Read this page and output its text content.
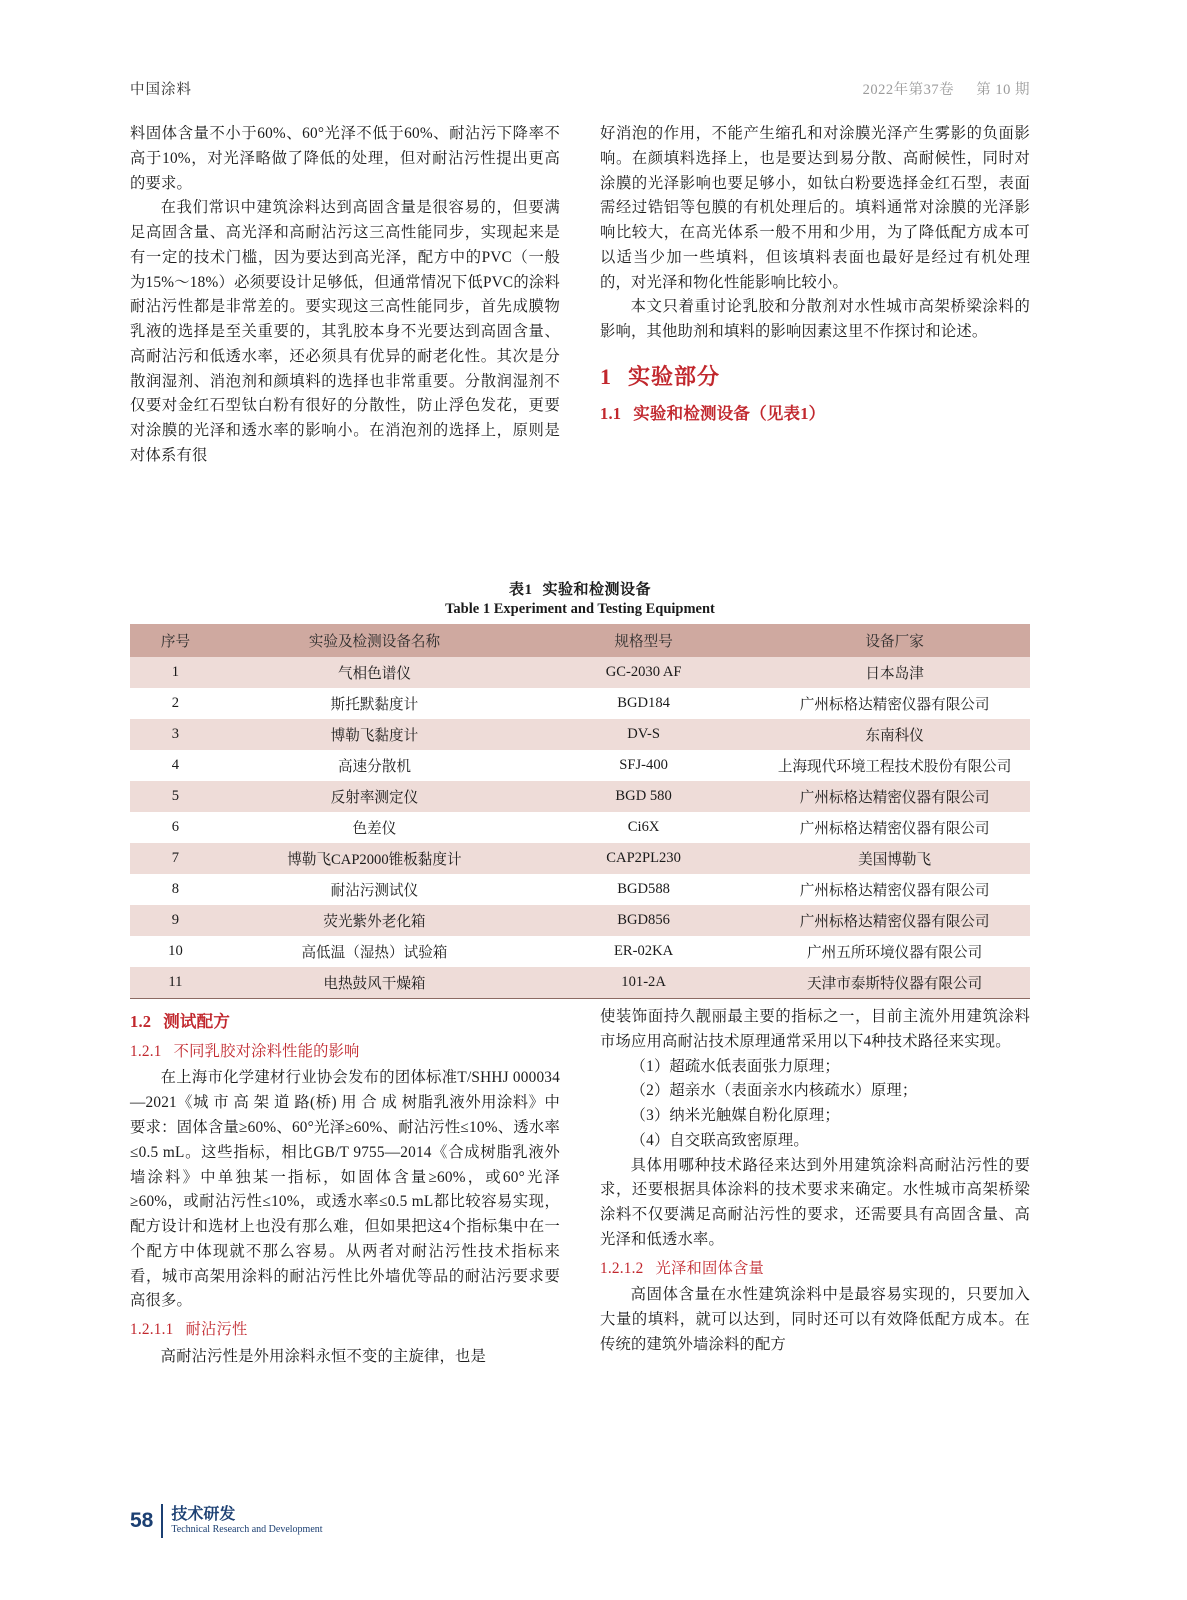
中国涂料	2022年第37卷 第 10 期

料固体含量不小于60%、60°光泽不低于60%、耐沾污下降率不高于10%，对光泽略做了降低的处理，但对耐沾污性提出更高的要求。

在我们常识中建筑涂料达到高固含量是很容易的，但要满足高固含量、高光泽和高耐沾污这三高性能同步，实现起来是有一定的技术门槛，因为要达到高光泽，配方中的PVC（一般为15%～18%）必须要设计足够低，但通常情况下低PVC的涂料耐沾污性都是非常差的。要实现这三高性能同步，首先成膜物乳液的选择是至关重要的，其乳胶本身不光要达到高固含量、高耐沾污和低透水率，还必须具有优异的耐老化性。其次是分散润湿剂、消泡剂和颜填料的选择也非常重要。分散润湿剂不仅要对金红石型钛白粉有很好的分散性，防止浮色发花，更要对涂膜的光泽和透水率的影响小。在消泡剂的选择上，原则是对体系有很

好消泡的作用，不能产生缩孔和对涂膜光泽产生雾影的负面影响。在颜填料选择上，也是要达到易分散、高耐候性，同时对涂膜的光泽影响也要足够小，如钛白粉要选择金红石型，表面需经过锆铝等包膜的有机处理后的。填料通常对涂膜的光泽影响比较大，在高光体系一般不用和少用，为了降低配方成本可以适当少加一些填料，但该填料表面也最好是经过有机处理的，对光泽和物化性能影响比较小。

本文只着重讨论乳胶和分散剂对水性城市高架桥梁涂料的影响，其他助剂和填料的影响因素这里不作探讨和论述。

1 实验部分
1.1 实验和检测设备（见表1）
表1 实验和检测设备
Table 1 Experiment and Testing Equipment
序号	实验及检测设备名称	规格型号	设备厂家
1	气相色谱仪	GC-2030 AF	日本岛津
2	斯托默黏度计	BGD184	广州标格达精密仪器有限公司
3	博勒飞黏度计	DV-S	东南科仪
4	高速分散机	SFJ-400	上海现代环境工程技术股份有限公司
5	反射率测定仪	BGD 580	广州标格达精密仪器有限公司
6	色差仪	Ci6X	广州标格达精密仪器有限公司
7	博勒飞CAP2000锥板黏度计	CAP2PL230	美国博勒飞
8	耐沾污测试仪	BGD588	广州标格达精密仪器有限公司
9	荧光紫外老化箱	BGD856	广州标格达精密仪器有限公司
10	高低温（湿热）试验箱	ER-02KA	广州五所环境仪器有限公司
11	电热鼓风干燥箱	101-2A	天津市泰斯特仪器有限公司
1.2 测试配方
1.2.1 不同乳胶对涂料性能的影响

在上海市化学建材行业协会发布的团体标准T/SHHJ 000034—2021《城 市 高 架 道 路(桥) 用 合 成 树脂乳液外用涂料》中要求：固体含量≥60%、60°光泽≥60%、耐沾污性≤10%、透水率≤0.5 mL。这些指标，相比GB/T 9755—2014《合成树脂乳液外墙涂料》中单独某一指标，如固体含量≥60%，或60°光泽≥60%，或耐沾污性≤10%，或透水率≤0.5 mL都比较容易实现，配方设计和选材上也没有那么难，但如果把这4个指标集中在一个配方中体现就不那么容易。从两者对耐沾污性技术指标来看，城市高架用涂料的耐沾污性比外墙优等品的耐沾污要求要高很多。

1.2.1.1 耐沾污性

高耐沾污性是外用涂料永恒不变的主旋律，也是

使装饰面持久靓丽最主要的指标之一，目前主流外用建筑涂料市场应用高耐沾技术原理通常采用以下4种技术路径来实现。

（1）超疏水低表面张力原理；

（2）超亲水（表面亲水内核疏水）原理；

（3）纳米光触媒自粉化原理；

（4）自交联高致密原理。

具体用哪种技术路径来达到外用建筑涂料高耐沾污性的要求，还要根据具体涂料的技术要求来确定。水性城市高架桥梁涂料不仅要满足高耐沾污性的要求，还需要具有高固含量、高光泽和低透水率。

1.2.1.2 光泽和固体含量

高固体含量在水性建筑涂料中是最容易实现的，只要加入大量的填料，就可以达到，同时还可以有效降低配方成本。在传统的建筑外墙涂料的配方

58 技术研发
Technical Research and Development
